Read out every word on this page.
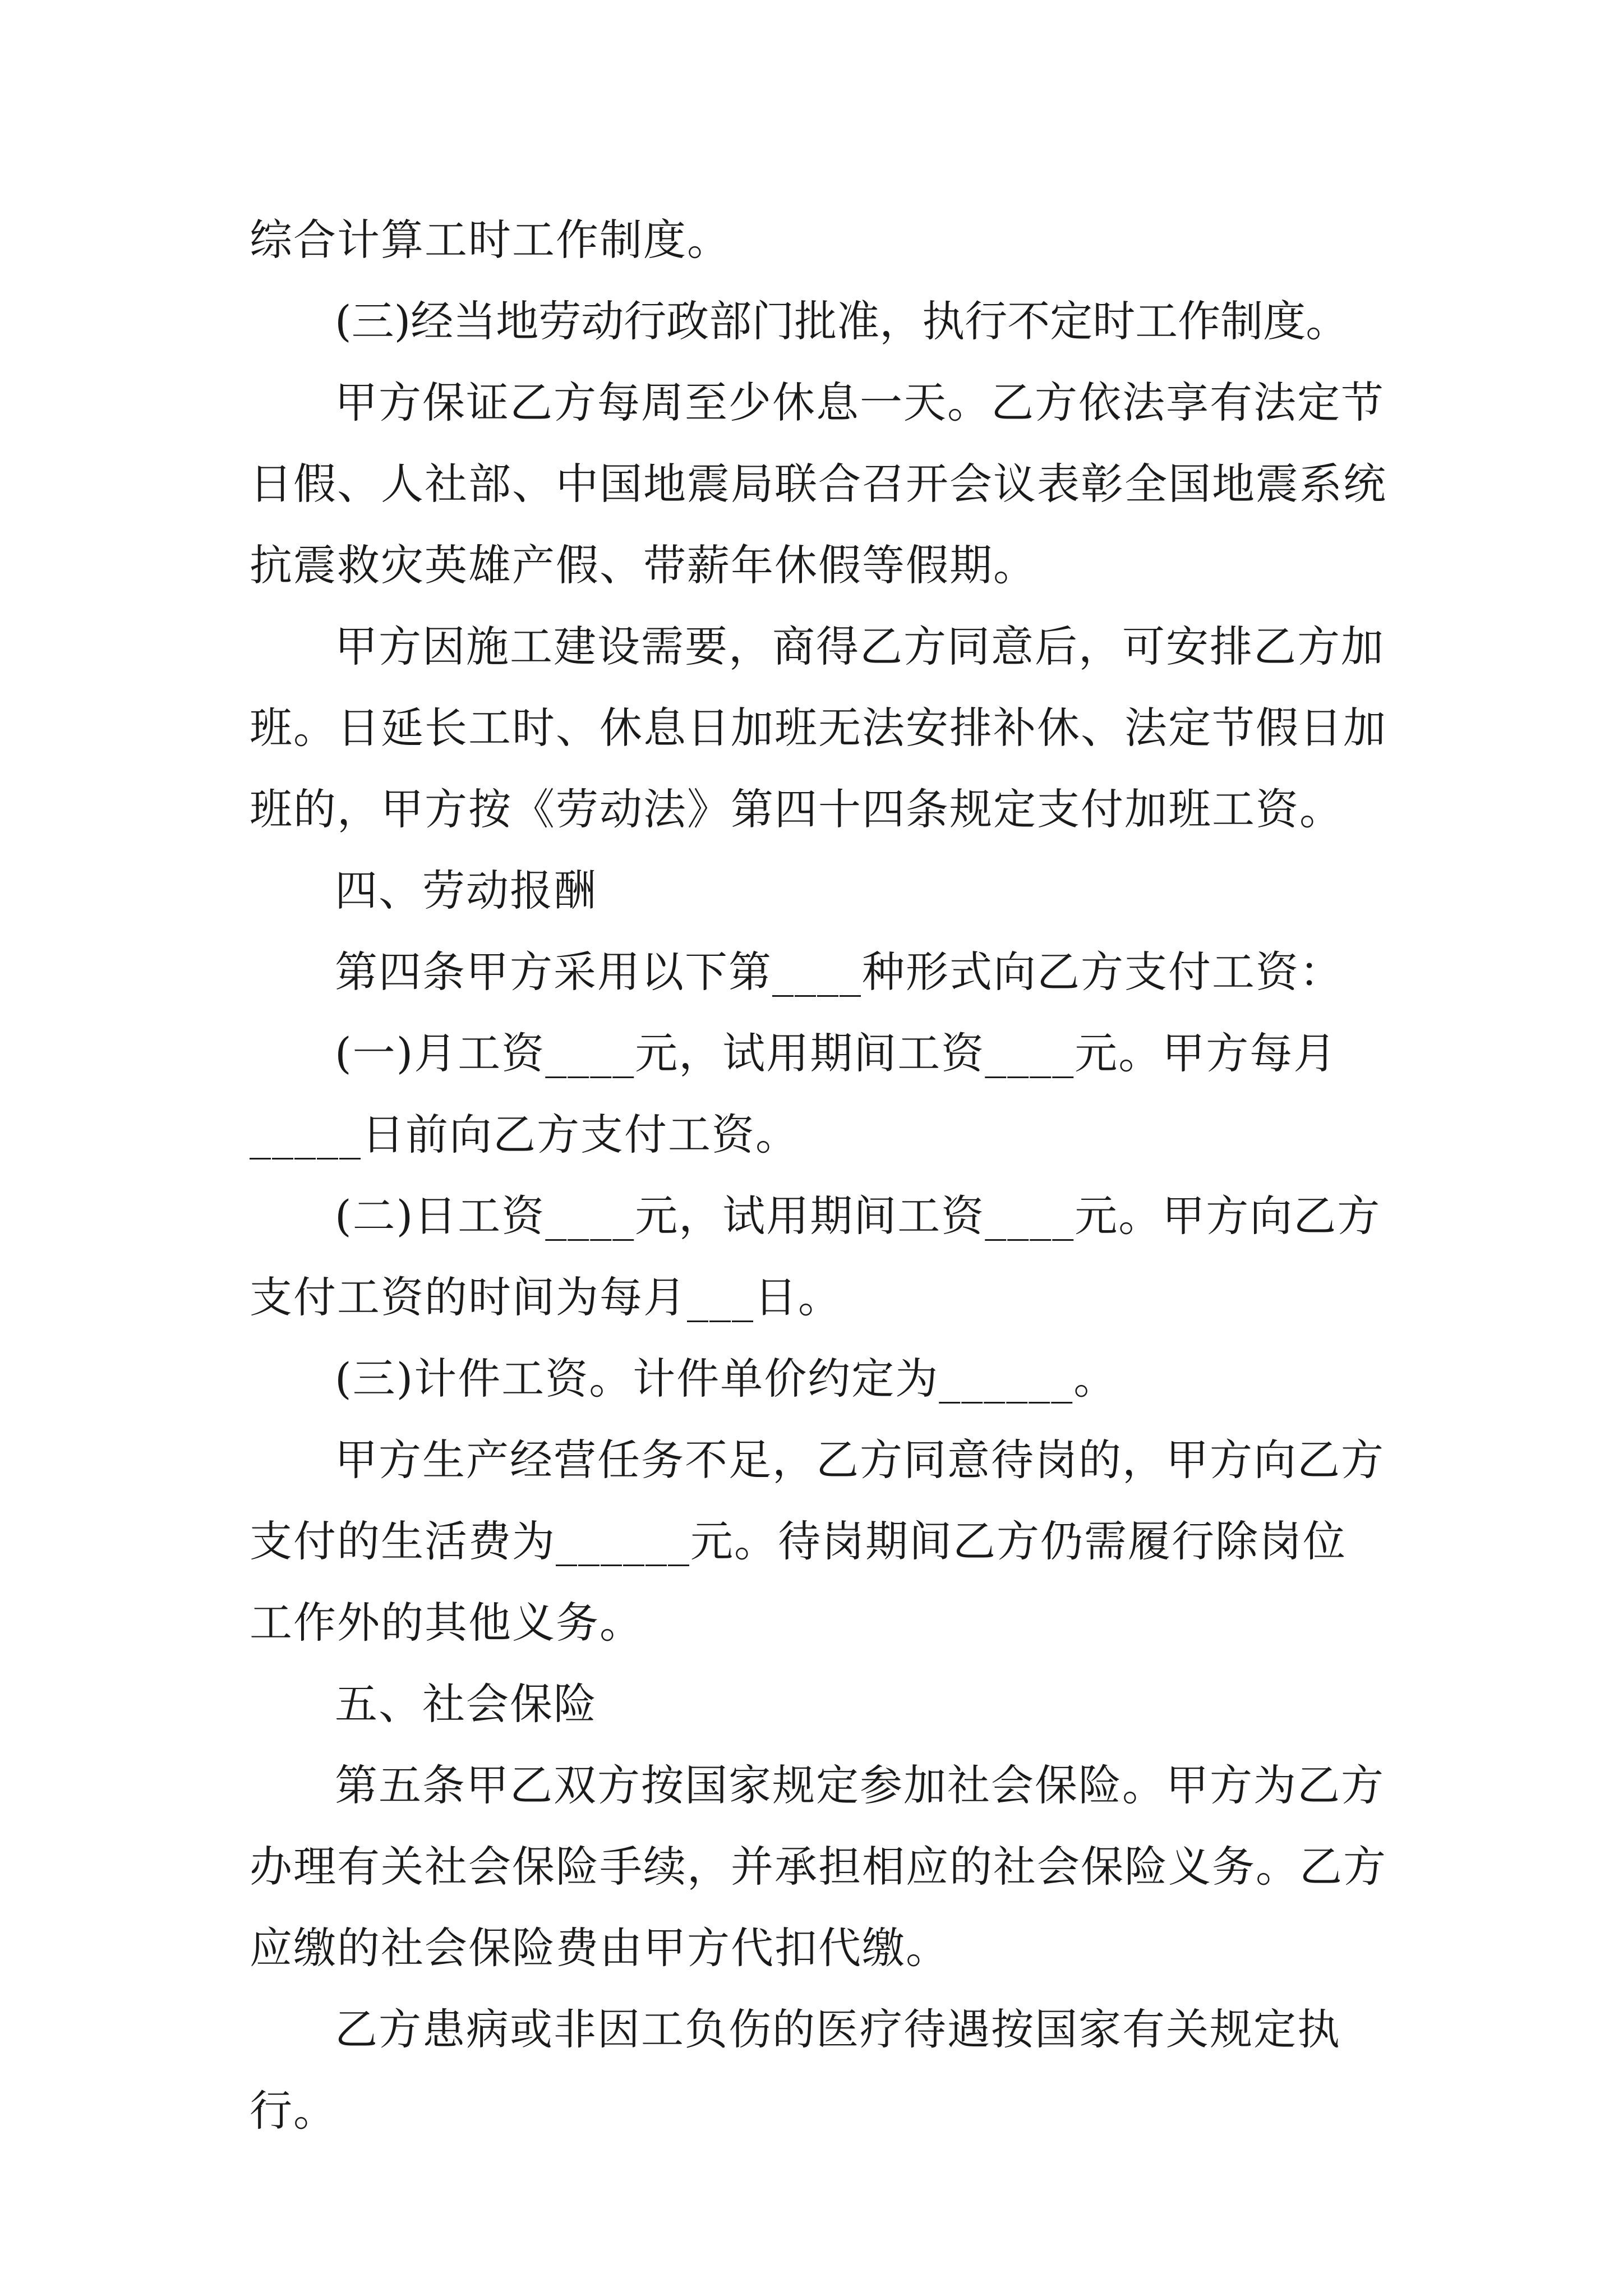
综合计算工时工作制度。

(三)经当地劳动行政部门批准，执行不定时工作制度。

甲方保证乙方每周至少休息一天。乙方依法享有法定节日假、人社部、中国地震局联合召开会议表彰全国地震系统抗震救灾英雄产假、带薪年休假等假期。

甲方因施工建设需要，商得乙方同意后，可安排乙方加班。日延长工时、休息日加班无法安排补休、法定节假日加班的，甲方按《劳动法》第四十四条规定支付加班工资。

四、劳动报酬

第四条甲方采用以下第____种形式向乙方支付工资：

(一)月工资____元，试用期间工资____元。甲方每月_____日前向乙方支付工资。

(二)日工资____元，试用期间工资____元。甲方向乙方支付工资的时间为每月___日。

(三)计件工资。计件单价约定为______。

甲方生产经营任务不足，乙方同意待岗的，甲方向乙方支付的生活费为______元。待岗期间乙方仍需履行除岗位工作外的其他义务。

五、社会保险

第五条甲乙双方按国家规定参加社会保险。甲方为乙方办理有关社会保险手续，并承担相应的社会保险义务。乙方应缴的社会保险费由甲方代扣代缴。

乙方患病或非因工负伤的医疗待遇按国家有关规定执行。
